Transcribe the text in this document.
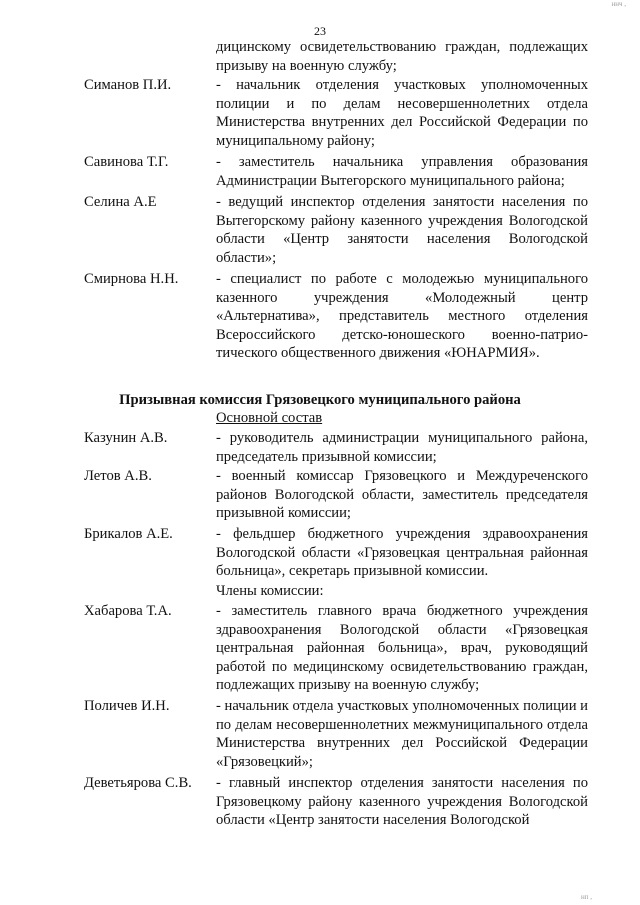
ннч ,
23
дицинскому освидетельствованию граждан, подлежащих призыву на военную службу;
Симанов П.И.	- начальник отделения участковых уполномоченных полиции и по делам несовершеннолетних отдела Министерства внутренних дел Российской Федерации по муниципальному району;
Савинова Т.Г.	- заместитель начальника управления образования Администрации Вытегорского муниципального района;
Селина А.Е	- ведущий инспектор отделения занятости населения по Вытегорскому району казенного учреждения Вологодской области «Центр занятости населения Вологодской области»;
Смирнова Н.Н.	- специалист по работе с молодежью муниципального казенного учреждения «Молодежный центр «Альтернатива», представитель местного отделения Всероссийского детско-юношеского военно-патрио-тического общественного движения «ЮНАРМИЯ».
Призывная комиссия Грязовецкого муниципального района
Основной состав
Казунин А.В.	- руководитель администрации муниципального района, председатель призывной комиссии;
Летов А.В.	- военный комиссар Грязовецкого и Междуреченского районов Вологодской области, заместитель председателя призывной комиссии;
Брикалов А.Е.	- фельдшер бюджетного учреждения здравоохранения Вологодской области «Грязовецкая центральная районная больница», секретарь призывной комиссии.
Члены комиссии:
Хабарова Т.А.	- заместитель главного врача бюджетного учреждения здравоохранения Вологодской области «Грязовецкая центральная районная больница», врач, руководящий работой по медицинскому освидетельствованию граждан, подлежащих призыву на военную службу;
Поличев И.Н.	- начальник отдела участковых уполномоченных полиции и по делам несовершеннолетних межмуниципального отдела Министерства внутренних дел Российской Федерации «Грязовецкий»;
Деветьярова С.В. - главный инспектор отделения занятости населения по Грязовецкому району казенного учреждения Вологодской области «Центр занятости населения Вологодской
нп ,
